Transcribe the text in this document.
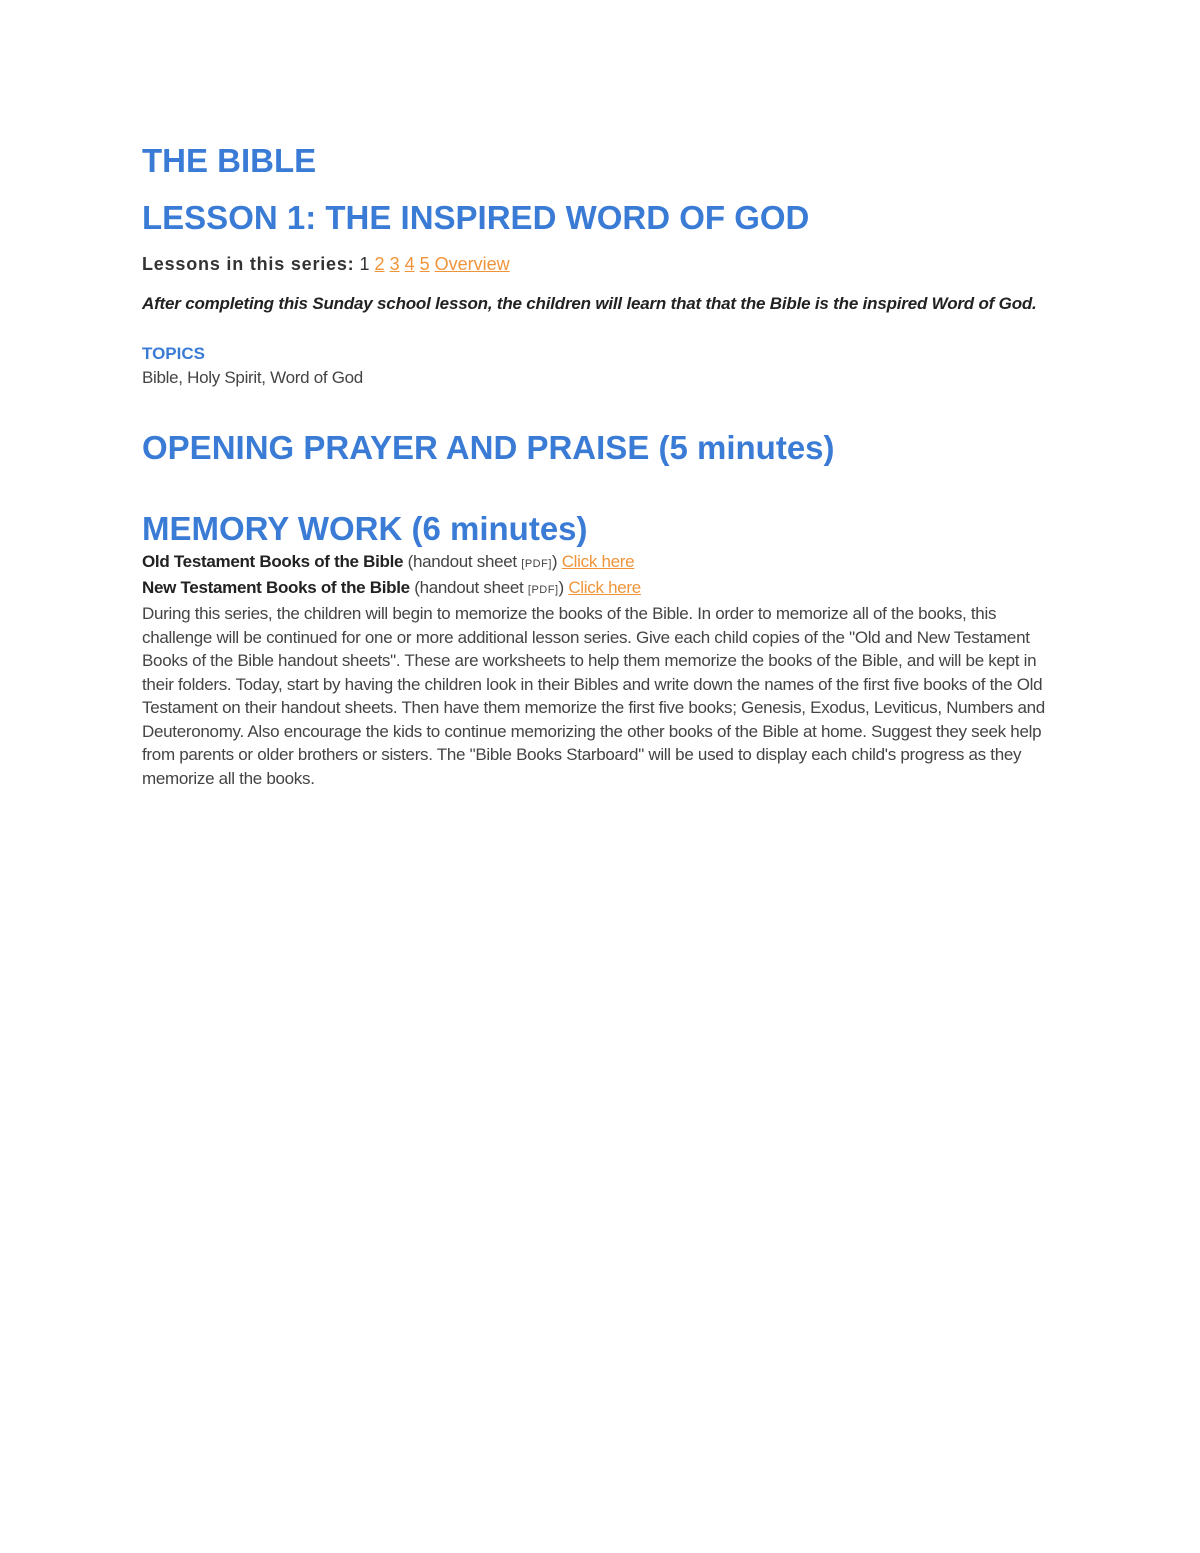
THE BIBLE
LESSON 1: THE INSPIRED WORD OF GOD
Lessons in this series: 1 2 3 4 5 Overview
After completing this Sunday school lesson, the children will learn that that the Bible is the inspired Word of God.
TOPICS
Bible, Holy Spirit, Word of God
OPENING PRAYER AND PRAISE (5 minutes)
MEMORY WORK (6 minutes)
Old Testament Books of the Bible (handout sheet [PDF]) Click here
New Testament Books of the Bible (handout sheet [PDF]) Click here
During this series, the children will begin to memorize the books of the Bible. In order to memorize all of the books, this challenge will be continued for one or more additional lesson series. Give each child copies of the "Old and New Testament Books of the Bible handout sheets". These are worksheets to help them memorize the books of the Bible, and will be kept in their folders. Today, start by having the children look in their Bibles and write down the names of the first five books of the Old Testament on their handout sheets. Then have them memorize the first five books; Genesis, Exodus, Leviticus, Numbers and Deuteronomy. Also encourage the kids to continue memorizing the other books of the Bible at home. Suggest they seek help from parents or older brothers or sisters. The "Bible Books Starboard" will be used to display each child's progress as they memorize all the books.
